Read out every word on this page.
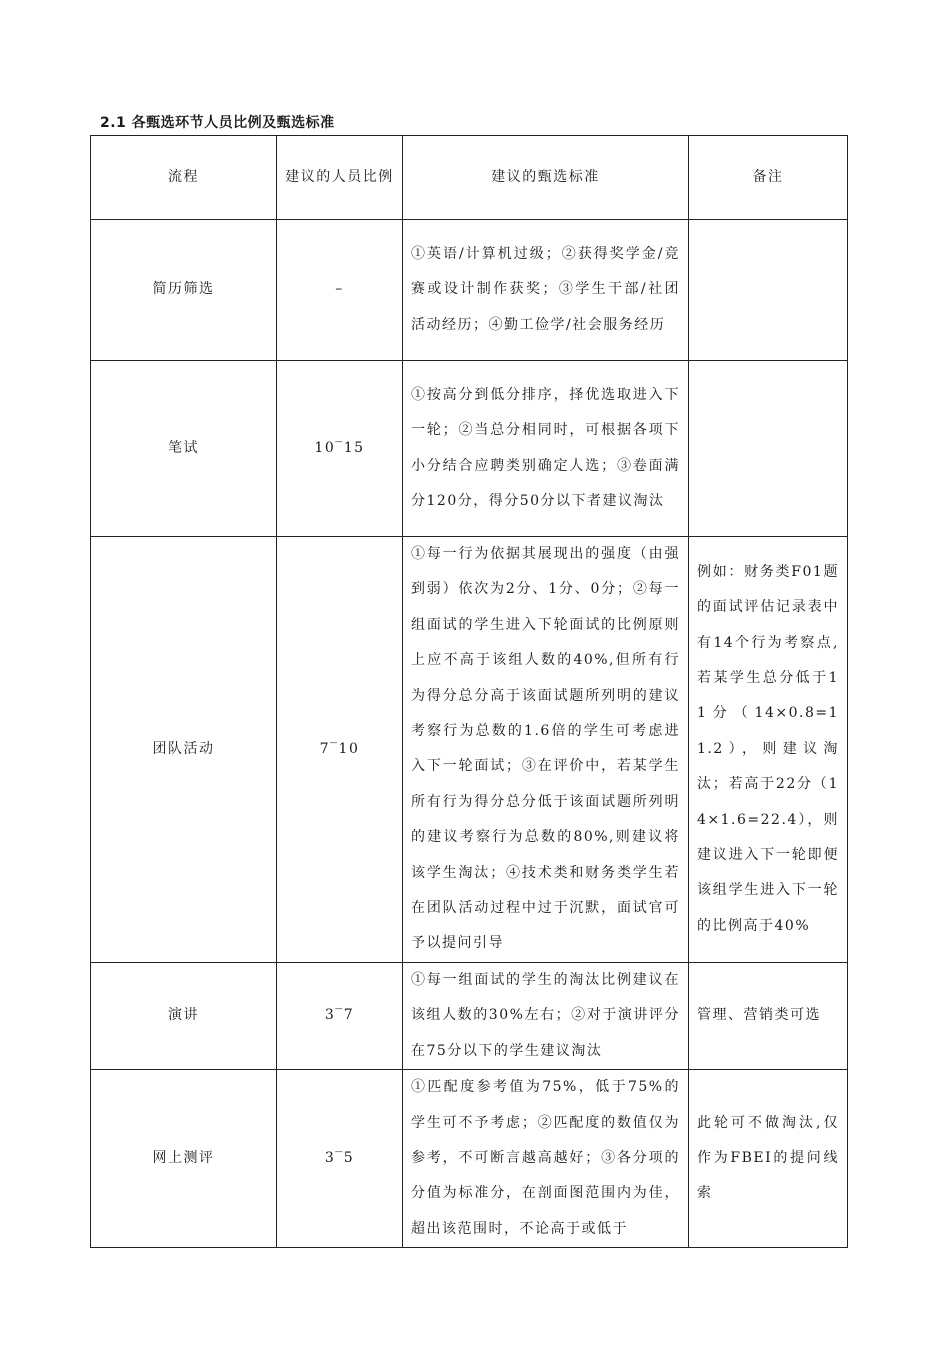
2.1 各甄选环节人员比例及甄选标准
流程	建议的人员比例	建议的甄选标准	备注
简历筛选	–	①英语/计算机过级；②获得奖学金/竞赛或设计制作获奖；③学生干部/社团活动经历；④勤工俭学/社会服务经历	
笔试	10‾15	①按高分到低分排序，择优选取进入下一轮；②当总分相同时，可根据各项下小分结合应聘类别确定人选；③卷面满分120分，得分50分以下者建议淘汰	
团队活动	7‾10	①每一行为依据其展现出的强度（由强到弱）依次为2分、1分、0分；②每一组面试的学生进入下轮面试的比例原则上应不高于该组人数的40%,但所有行为得分总分高于该面试题所列明的建议考察行为总数的1.6倍的学生可考虑进入下一轮面试；③在评价中，若某学生所有行为得分总分低于该面试题所列明的建议考察行为总数的80%,则建议将该学生淘汰；④技术类和财务类学生若在团队活动过程中过于沉默，面试官可予以提问引导	例如：财务类F01题的面试评估记录表中有14个行为考察点,若某学生总分低于11分（14×0.8=11.2），则建议淘汰；若高于22分（14×1.6=22.4），则建议进入下一轮即便该组学生进入下一轮的比例高于40%
演讲	3‾7	①每一组面试的学生的淘汰比例建议在该组人数的30%左右；②对于演讲评分在75分以下的学生建议淘汰	管理、营销类可选
网上测评	3‾5	①匹配度参考值为75%，低于75%的学生可不予考虑；②匹配度的数值仅为参考，不可断言越高越好；③各分项的分值为标准分，在剖面图范围内为佳，超出该范围时，不论高于或低于	此轮可不做淘汰,仅作为FBEI的提问线索
